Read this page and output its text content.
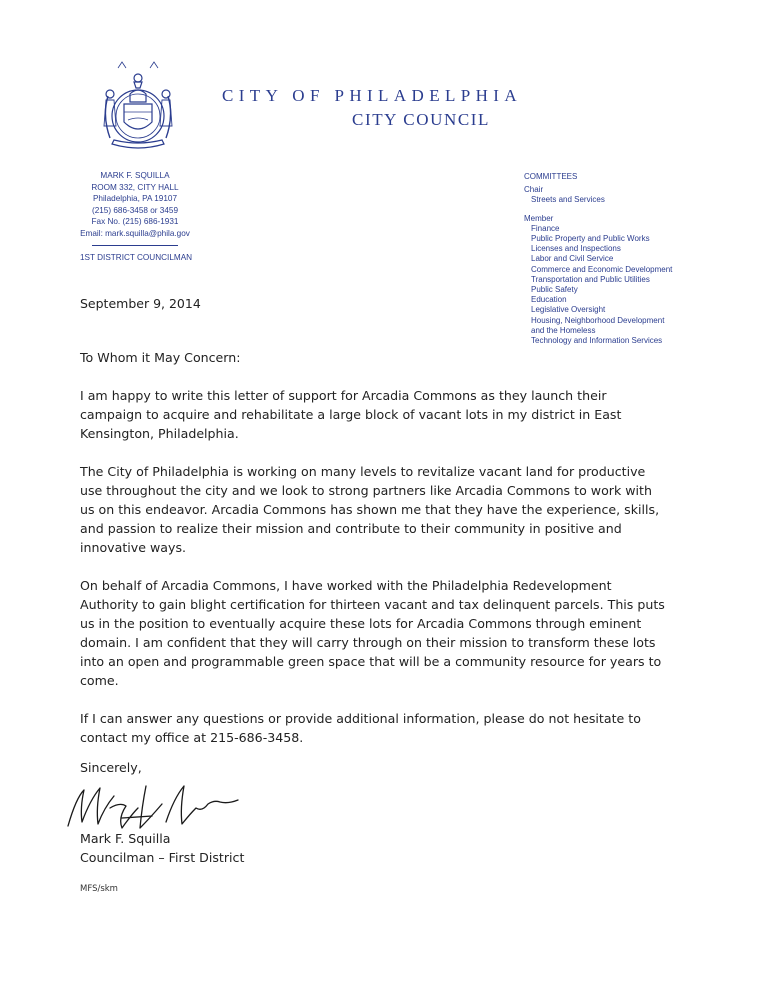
CITY OF PHILADELPHIA
CITY COUNCIL
MARK F. SQUILLA
ROOM 332, CITY HALL
Philadelphia, PA 19107
(215) 686-3458 or 3459
Fax No. (215) 686-1931
Email: mark.squilla@phila.gov
1ST DISTRICT COUNCILMAN
COMMITTEES
Chair
Streets and Services
Member
Finance
Public Property and Public Works
Licenses and Inspections
Labor and Civil Service
Commerce and Economic Development
Transportation and Public Utilities
Public Safety
Education
Legislative Oversight
Housing, Neighborhood Development
and the Homeless
Technology and Information Services
September 9, 2014

To Whom it May Concern:

I am happy to write this letter of support for Arcadia Commons as they launch their campaign to acquire and rehabilitate a large block of vacant lots in my district in East Kensington, Philadelphia.

The City of Philadelphia is working on many levels to revitalize vacant land for productive use throughout the city and we look to strong partners like Arcadia Commons to work with us on this endeavor. Arcadia Commons has shown me that they have the experience, skills, and passion to realize their mission and contribute to their community in positive and innovative ways.

On behalf of Arcadia Commons, I have worked with the Philadelphia Redevelopment Authority to gain blight certification for thirteen vacant and tax delinquent parcels. This puts us in the position to eventually acquire these lots for Arcadia Commons through eminent domain. I am confident that they will carry through on their mission to transform these lots into an open and programmable green space that will be a community resource for years to come.

If I can answer any questions or provide additional information, please do not hesitate to contact my office at 215-686-3458.

Sincerely,
Mark F. Squilla
Councilman – First District
MFS/skm
